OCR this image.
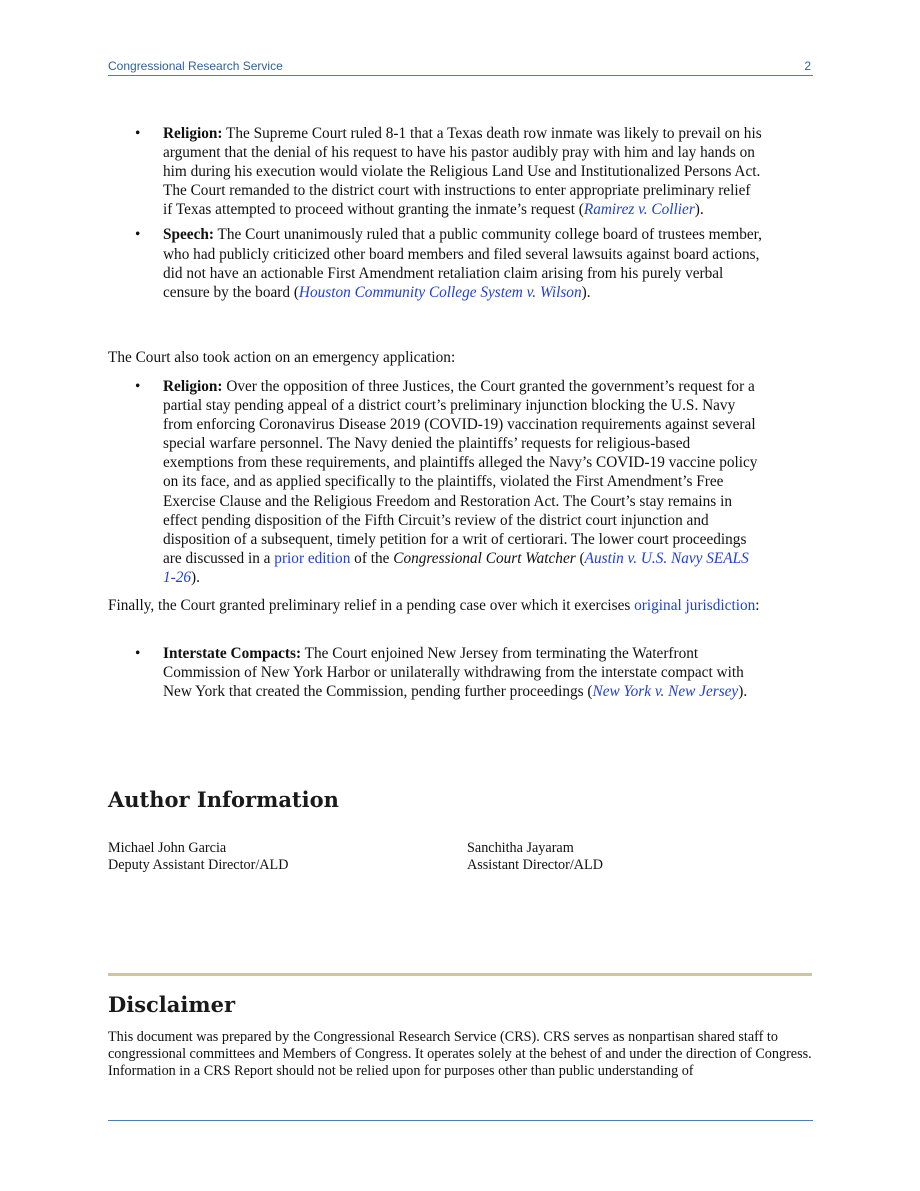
Congressional Research Service	2
• Religion: The Supreme Court ruled 8-1 that a Texas death row inmate was likely to prevail on his argument that the denial of his request to have his pastor audibly pray with him and lay hands on him during his execution would violate the Religious Land Use and Institutionalized Persons Act. The Court remanded to the district court with instructions to enter appropriate preliminary relief if Texas attempted to proceed without granting the inmate’s request (Ramirez v. Collier).
• Speech: The Court unanimously ruled that a public community college board of trustees member, who had publicly criticized other board members and filed several lawsuits against board actions, did not have an actionable First Amendment retaliation claim arising from his purely verbal censure by the board (Houston Community College System v. Wilson).
The Court also took action on an emergency application:
• Religion: Over the opposition of three Justices, the Court granted the government’s request for a partial stay pending appeal of a district court’s preliminary injunction blocking the U.S. Navy from enforcing Coronavirus Disease 2019 (COVID-19) vaccination requirements against several special warfare personnel. The Navy denied the plaintiffs’ requests for religious-based exemptions from these requirements, and plaintiffs alleged the Navy’s COVID-19 vaccine policy on its face, and as applied specifically to the plaintiffs, violated the First Amendment’s Free Exercise Clause and the Religious Freedom and Restoration Act. The Court’s stay remains in effect pending disposition of the Fifth Circuit’s review of the district court injunction and disposition of a subsequent, timely petition for a writ of certiorari. The lower court proceedings are discussed in a prior edition of the Congressional Court Watcher (Austin v. U.S. Navy SEALS 1-26).
Finally, the Court granted preliminary relief in a pending case over which it exercises original jurisdiction:
• Interstate Compacts: The Court enjoined New Jersey from terminating the Waterfront Commission of New York Harbor or unilaterally withdrawing from the interstate compact with New York that created the Commission, pending further proceedings (New York v. New Jersey).
Author Information
Michael John Garcia
Deputy Assistant Director/ALD
Sanchitha Jayaram
Assistant Director/ALD
Disclaimer
This document was prepared by the Congressional Research Service (CRS). CRS serves as nonpartisan shared staff to congressional committees and Members of Congress. It operates solely at the behest of and under the direction of Congress. Information in a CRS Report should not be relied upon for purposes other than public understanding of
